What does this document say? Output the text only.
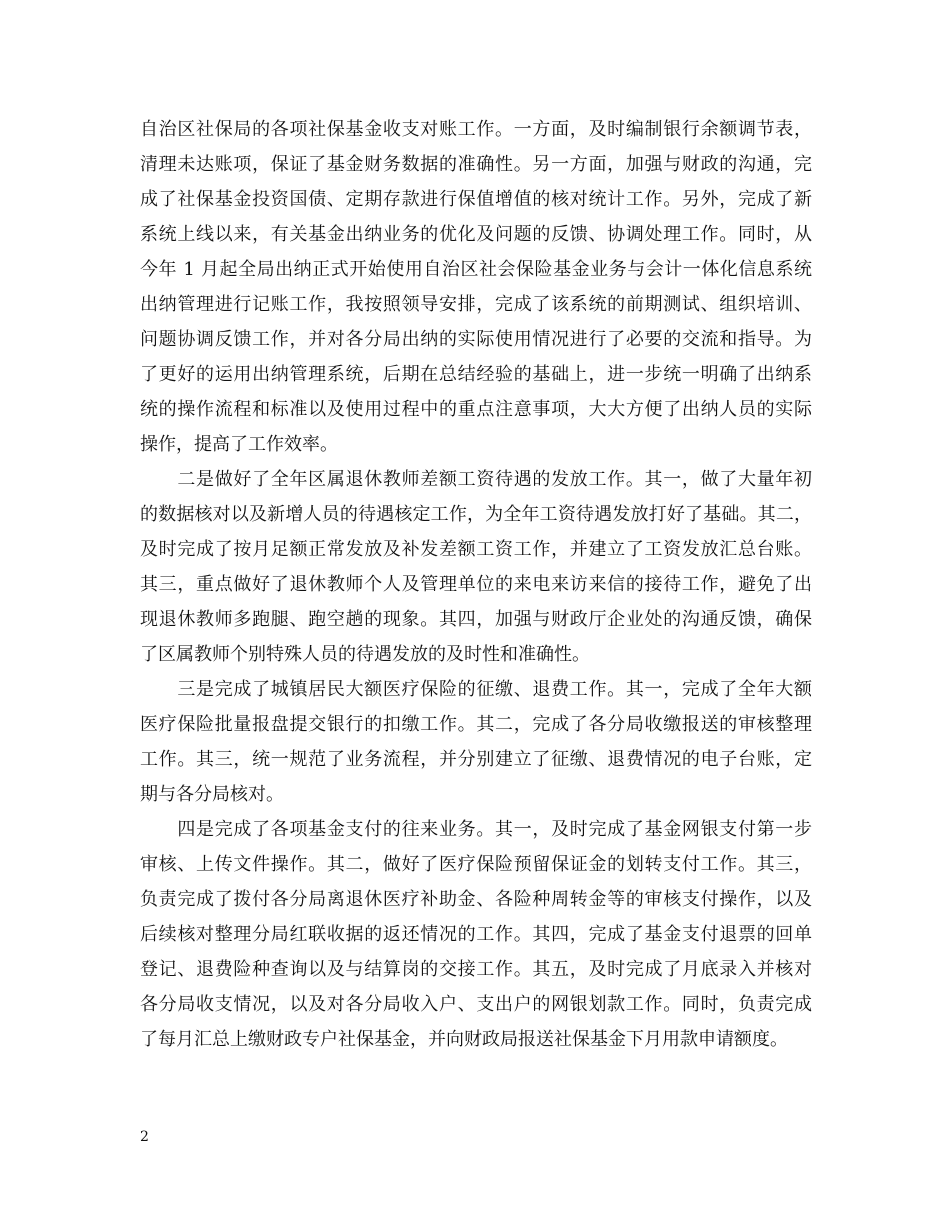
自治区社保局的各项社保基金收支对账工作。一方面，及时编制银行余额调节表，
清理未达账项，保证了基金财务数据的准确性。另一方面，加强与财政的沟通，完
成了社保基金投资国债、定期存款进行保值增值的核对统计工作。另外，完成了新
系统上线以来，有关基金出纳业务的优化及问题的反馈、协调处理工作。同时，从
今年 1 月起全局出纳正式开始使用自治区社会保险基金业务与会计一体化信息系统
出纳管理进行记账工作，我按照领导安排，完成了该系统的前期测试、组织培训、
问题协调反馈工作，并对各分局出纳的实际使用情况进行了必要的交流和指导。为
了更好的运用出纳管理系统，后期在总结经验的基础上，进一步统一明确了出纳系
统的操作流程和标准以及使用过程中的重点注意事项，大大方便了出纳人员的实际
操作，提高了工作效率。
　　二是做好了全年区属退休教师差额工资待遇的发放工作。其一，做了大量年初
的数据核对以及新增人员的待遇核定工作，为全年工资待遇发放打好了基础。其二，
及时完成了按月足额正常发放及补发差额工资工作，并建立了工资发放汇总台账。
其三，重点做好了退休教师个人及管理单位的来电来访来信的接待工作，避免了出
现退休教师多跑腿、跑空趟的现象。其四，加强与财政厅企业处的沟通反馈，确保
了区属教师个别特殊人员的待遇发放的及时性和准确性。
　　三是完成了城镇居民大额医疗保险的征缴、退费工作。其一，完成了全年大额
医疗保险批量报盘提交银行的扣缴工作。其二，完成了各分局收缴报送的审核整理
工作。其三，统一规范了业务流程，并分别建立了征缴、退费情况的电子台账，定
期与各分局核对。
　　四是完成了各项基金支付的往来业务。其一，及时完成了基金网银支付第一步
审核、上传文件操作。其二，做好了医疗保险预留保证金的划转支付工作。其三，
负责完成了拨付各分局离退休医疗补助金、各险种周转金等的审核支付操作，以及
后续核对整理分局红联收据的返还情况的工作。其四，完成了基金支付退票的回单
登记、退费险种查询以及与结算岗的交接工作。其五，及时完成了月底录入并核对
各分局收支情况，以及对各分局收入户、支出户的网银划款工作。同时，负责完成
了每月汇总上缴财政专户社保基金，并向财政局报送社保基金下月用款申请额度。
2
